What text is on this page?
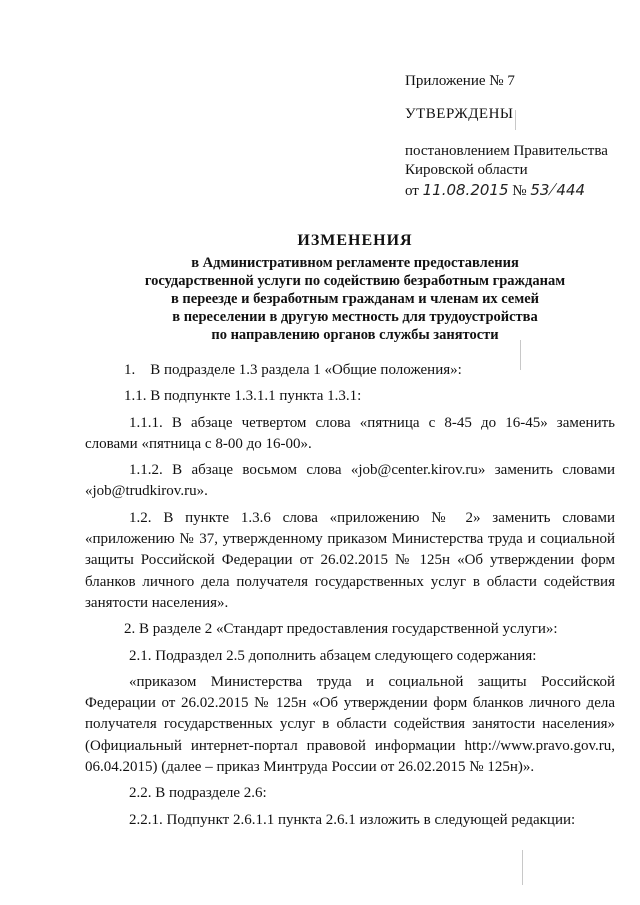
Приложение № 7

УТВЕРЖДЕНЫ

постановлением Правительства

Кировской области

от 11.08.2015 № 53/444

ИЗМЕНЕНИЯ

в Административном регламенте предоставления

государственной услуги по содействию безработным гражданам

в переезде и безработным гражданам и членам их семей

в переселении в другую местность для трудоустройства

по направлению органов службы занятости

1.    В подразделе 1.3 раздела 1 «Общие положения»:

1.1. В подпункте 1.3.1.1 пункта 1.3.1:

1.1.1. В абзаце четвертом слова «пятница с 8-45 до 16-45» заменить словами «пятница с 8-00 до 16-00».

1.1.2. В абзаце восьмом слова «job@center.kirov.ru» заменить словами «job@trudkirov.ru».

1.2. В пункте 1.3.6 слова «приложению № 2» заменить словами «приложению № 37, утвержденному приказом Министерства труда и социальной защиты Российской Федерации от 26.02.2015 № 125н «Об утверждении форм бланков личного дела получателя государственных услуг в области содействия занятости населения».

2. В разделе 2 «Стандарт предоставления государственной услуги»:

2.1. Подраздел 2.5 дополнить абзацем следующего содержания:

«приказом Министерства труда и социальной защиты Российской Федерации от 26.02.2015 № 125н «Об утверждении форм бланков личного дела получателя государственных услуг в области содействия занятости населения» (Официальный интернет-портал правовой информации http://www.pravo.gov.ru, 06.04.2015) (далее – приказ Минтруда России от 26.02.2015 № 125н)».

2.2. В подразделе 2.6:

2.2.1. Подпункт 2.6.1.1 пункта 2.6.1 изложить в следующей редакции:
